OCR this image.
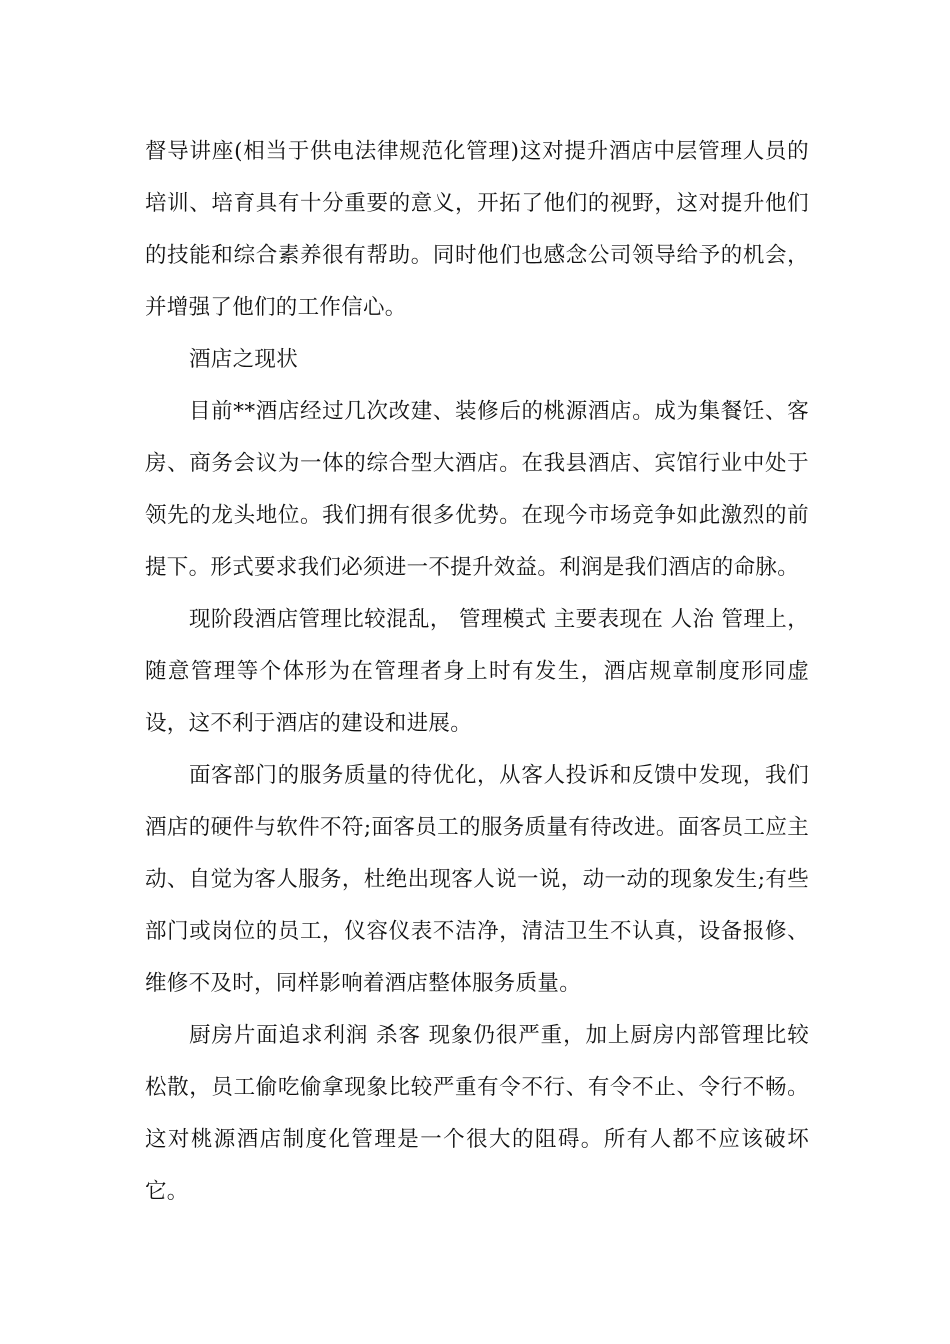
督导讲座(相当于供电法律规范化管理)这对提升酒店中层管理人员的培训、培育具有十分重要的意义，开拓了他们的视野，这对提升他们的技能和综合素养很有帮助。同时他们也感念公司领导给予的机会，并增强了他们的工作信心。

酒店之现状

目前**酒店经过几次改建、装修后的桃源酒店。成为集餐饪、客房、商务会议为一体的综合型大酒店。在我县酒店、宾馆行业中处于领先的龙头地位。我们拥有很多优势。在现今市场竞争如此激烈的前提下。形式要求我们必须进一不提升效益。利润是我们酒店的命脉。

现阶段酒店管理比较混乱， 管理模式 主要表现在 人治 管理上，随意管理等个体形为在管理者身上时有发生，酒店规章制度形同虚设，这不利于酒店的建设和进展。

面客部门的服务质量的待优化，从客人投诉和反馈中发现，我们酒店的硬件与软件不符;面客员工的服务质量有待改进。面客员工应主动、自觉为客人服务，杜绝出现客人说一说，动一动的现象发生;有些部门或岗位的员工，仪容仪表不洁净，清洁卫生不认真，设备报修、维修不及时，同样影响着酒店整体服务质量。

厨房片面追求利润 杀客 现象仍很严重，加上厨房内部管理比较松散，员工偷吃偷拿现象比较严重有令不行、有令不止、令行不畅。这对桃源酒店制度化管理是一个很大的阻碍。所有人都不应该破坏它。
